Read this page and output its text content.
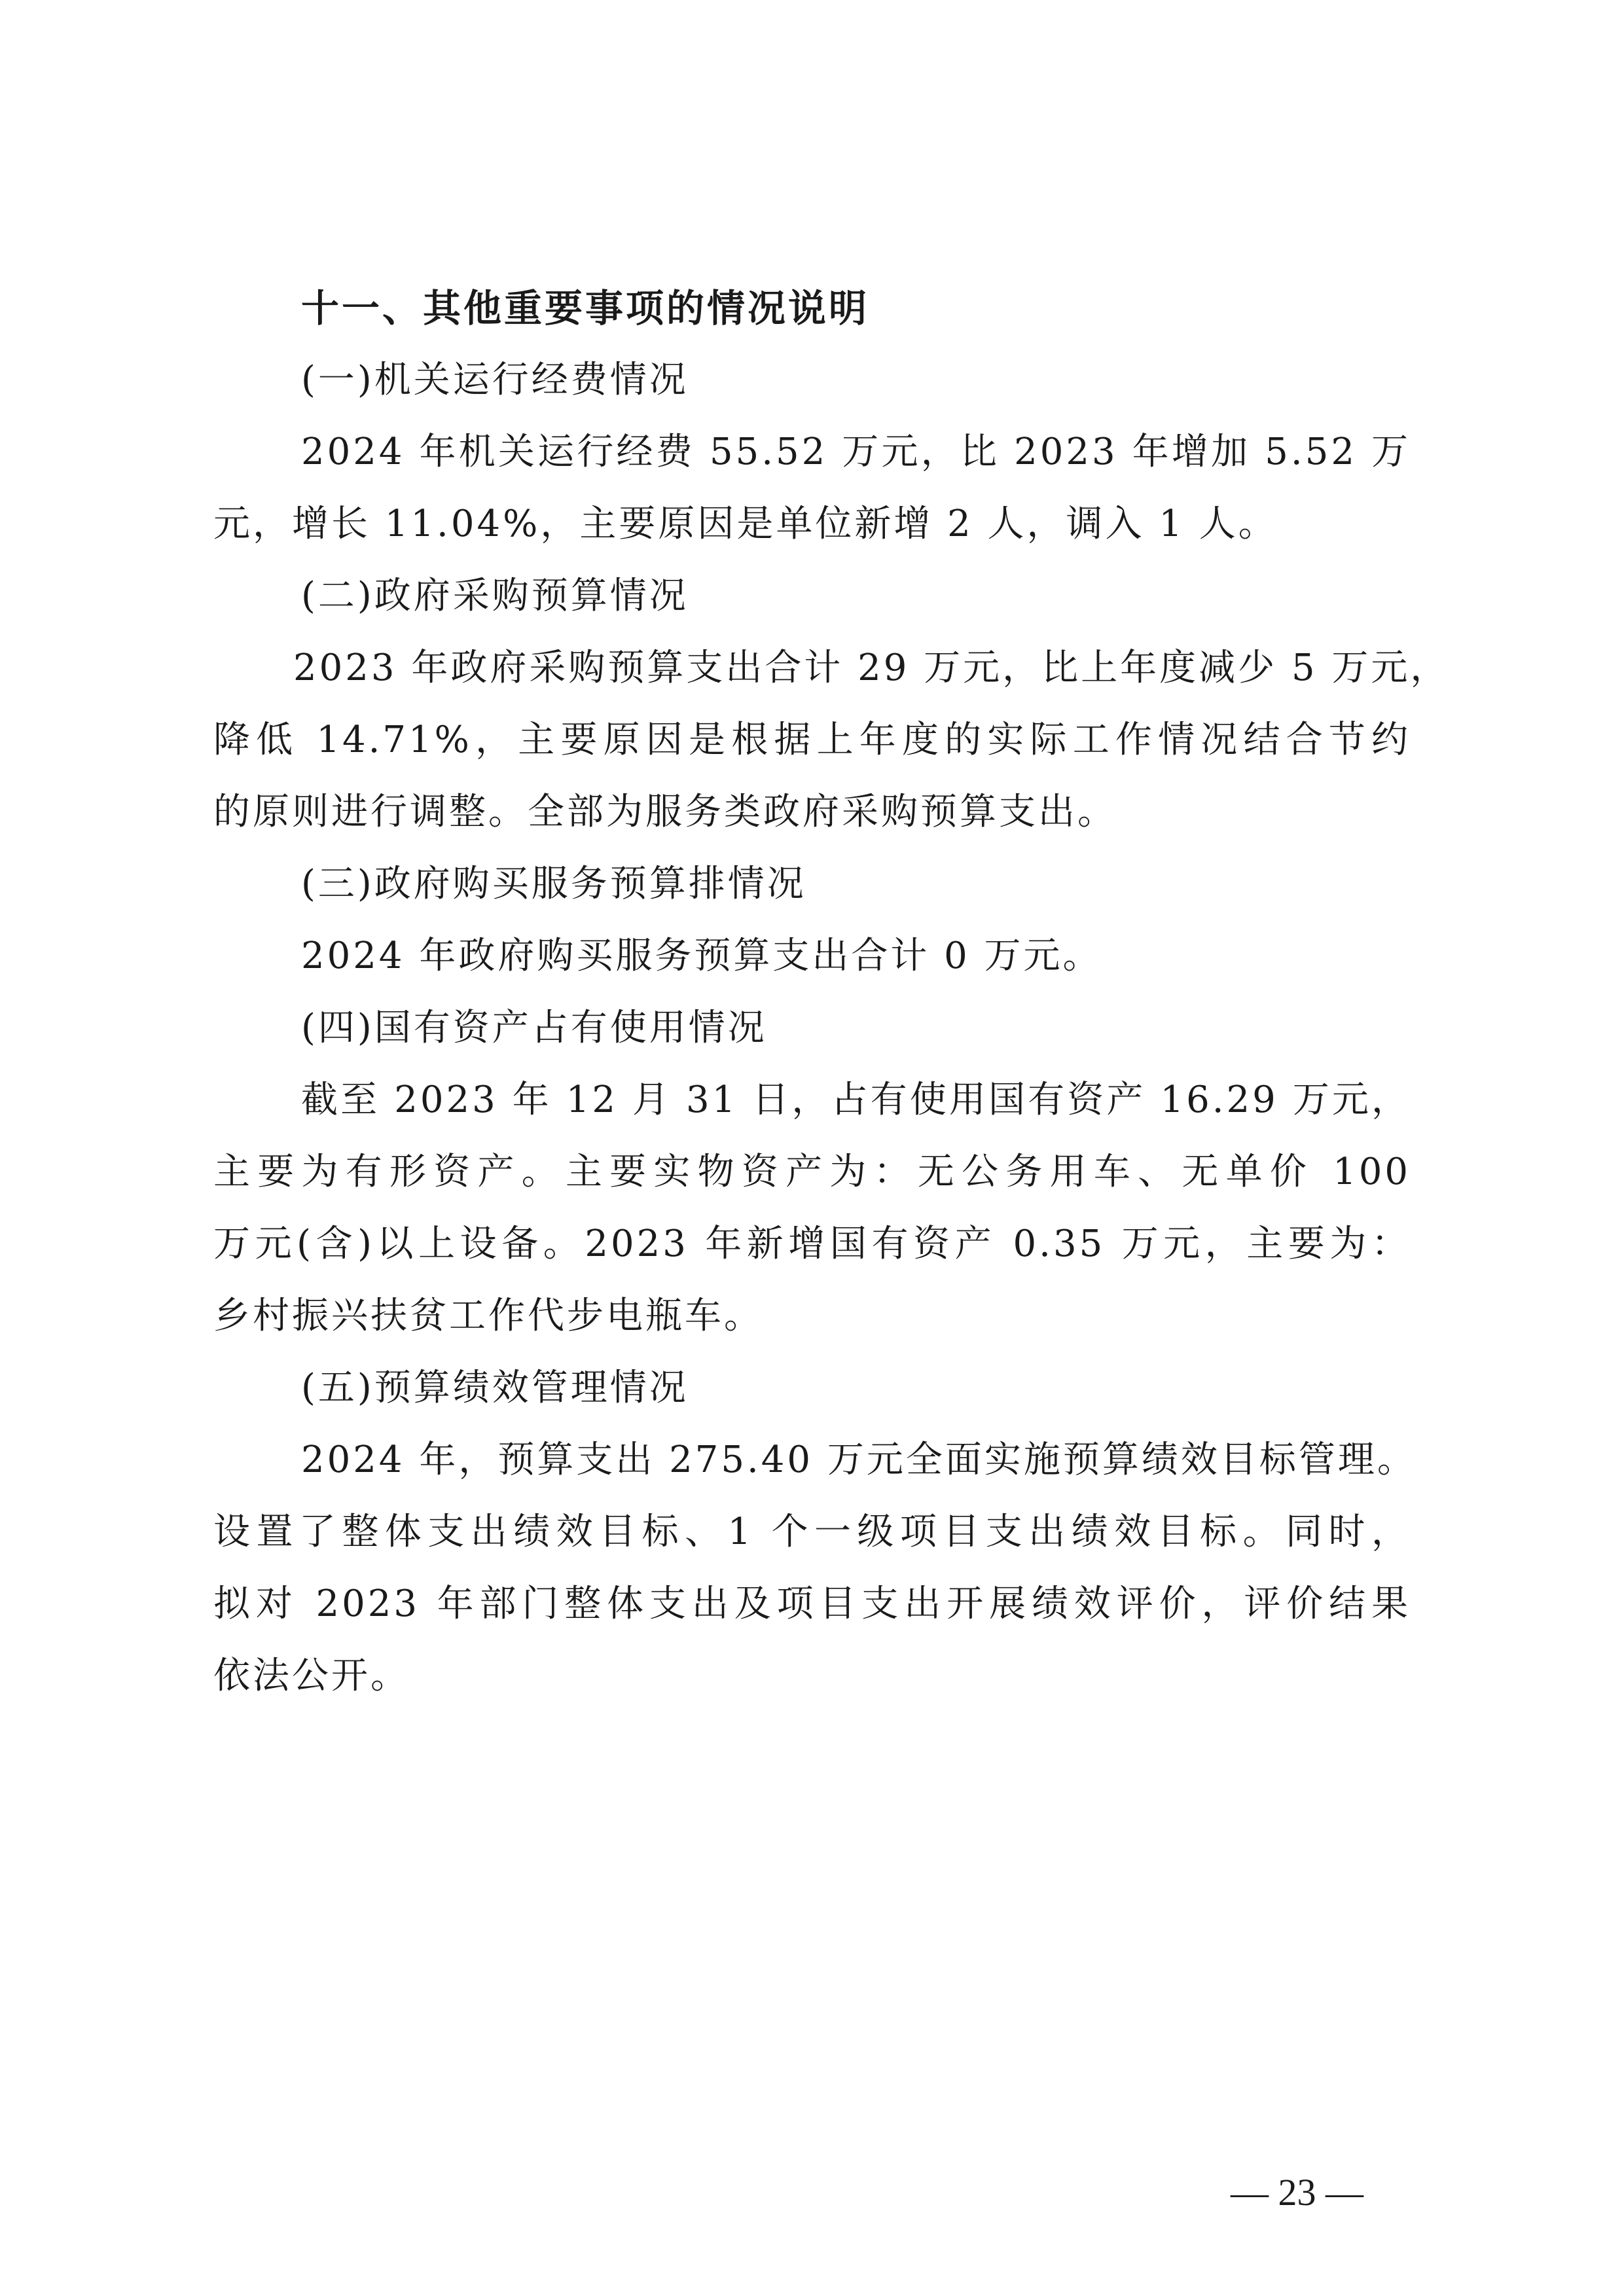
十一、其他重要事项的情况说明
(一)机关运行经费情况
2024 年机关运行经费 55.52 万元，比 2023 年增加 5.52 万
元，增长 11.04%，主要原因是单位新增 2 人，调入 1 人。
(二)政府采购预算情况
2023 年政府采购预算支出合计 29 万元，比上年度减少 5 万元，
降低 14.71%，主要原因是根据上年度的实际工作情况结合节约
的原则进行调整。全部为服务类政府采购预算支出。
(三)政府购买服务预算排情况
2024 年政府购买服务预算支出合计 0 万元。
(四)国有资产占有使用情况
截至 2023 年 12 月 31 日，占有使用国有资产 16.29 万元，
主要为有形资产。主要实物资产为：无公务用车、无单价 100
万元(含)以上设备。2023 年新增国有资产 0.35 万元，主要为：
乡村振兴扶贫工作代步电瓶车。
(五)预算绩效管理情况
2024 年，预算支出 275.40 万元全面实施预算绩效目标管理。
设置了整体支出绩效目标、1 个一级项目支出绩效目标。同时，
拟对 2023 年部门整体支出及项目支出开展绩效评价，评价结果
依法公开。
— 23 —
